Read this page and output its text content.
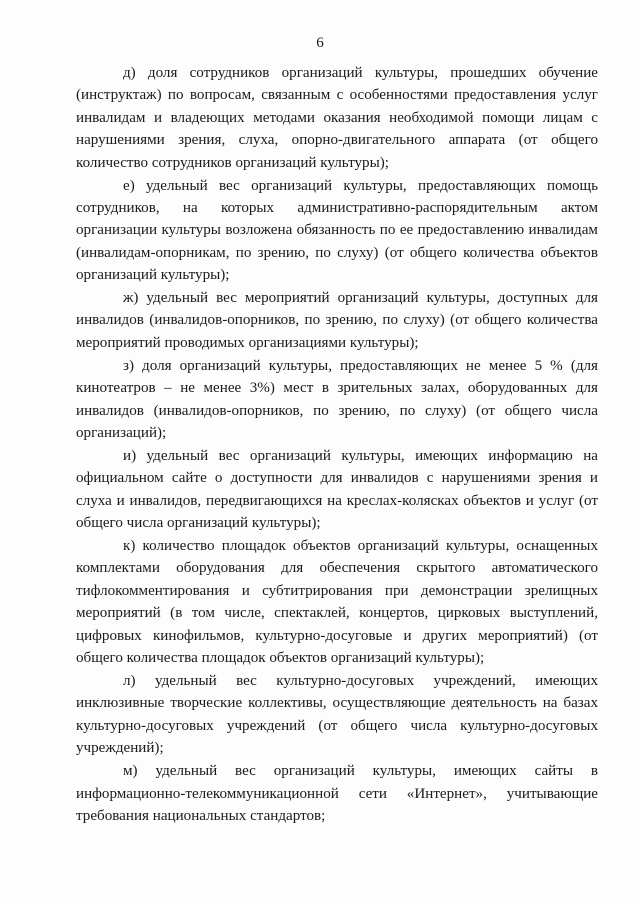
6

д) доля сотрудников организаций культуры, прошедших обучение (инструктаж) по вопросам, связанным с особенностями предоставления услуг инвалидам и владеющих методами оказания необходимой помощи лицам с нарушениями зрения, слуха, опорно-двигательного аппарата (от общего количество сотрудников организаций культуры);

е) удельный вес организаций культуры, предоставляющих помощь сотрудников, на которых административно-распорядительным актом организации культуры возложена обязанность по ее предоставлению инвалидам (инвалидам-опорникам, по зрению, по слуху) (от общего количества объектов организаций культуры);

ж) удельный вес мероприятий организаций культуры, доступных для инвалидов (инвалидов-опорников, по зрению, по слуху) (от общего количества мероприятий проводимых организациями культуры);

з) доля организаций культуры, предоставляющих не менее 5 % (для кинотеатров – не менее 3%) мест в зрительных залах, оборудованных для инвалидов (инвалидов-опорников, по зрению, по слуху) (от общего числа организаций);

и) удельный вес организаций культуры, имеющих информацию на официальном сайте о доступности для инвалидов с нарушениями зрения и слуха и инвалидов, передвигающихся на креслах-колясках объектов и услуг (от общего числа организаций культуры);

к) количество площадок объектов организаций культуры, оснащенных комплектами оборудования для обеспечения скрытого автоматического тифлокомментирования и субтитрирования при демонстрации зрелищных мероприятий (в том числе, спектаклей, концертов, цирковых выступлений, цифровых кинофильмов, культурно-досуговые и других мероприятий) (от общего количества площадок объектов организаций культуры);

л) удельный вес культурно-досуговых учреждений, имеющих инклюзивные творческие коллективы, осуществляющие деятельность на базах культурно-досуговых учреждений (от общего числа культурно-досуговых учреждений);

м) удельный вес организаций культуры, имеющих сайты в информационно-телекоммуникационной сети «Интернет», учитывающие требования национальных стандартов;
